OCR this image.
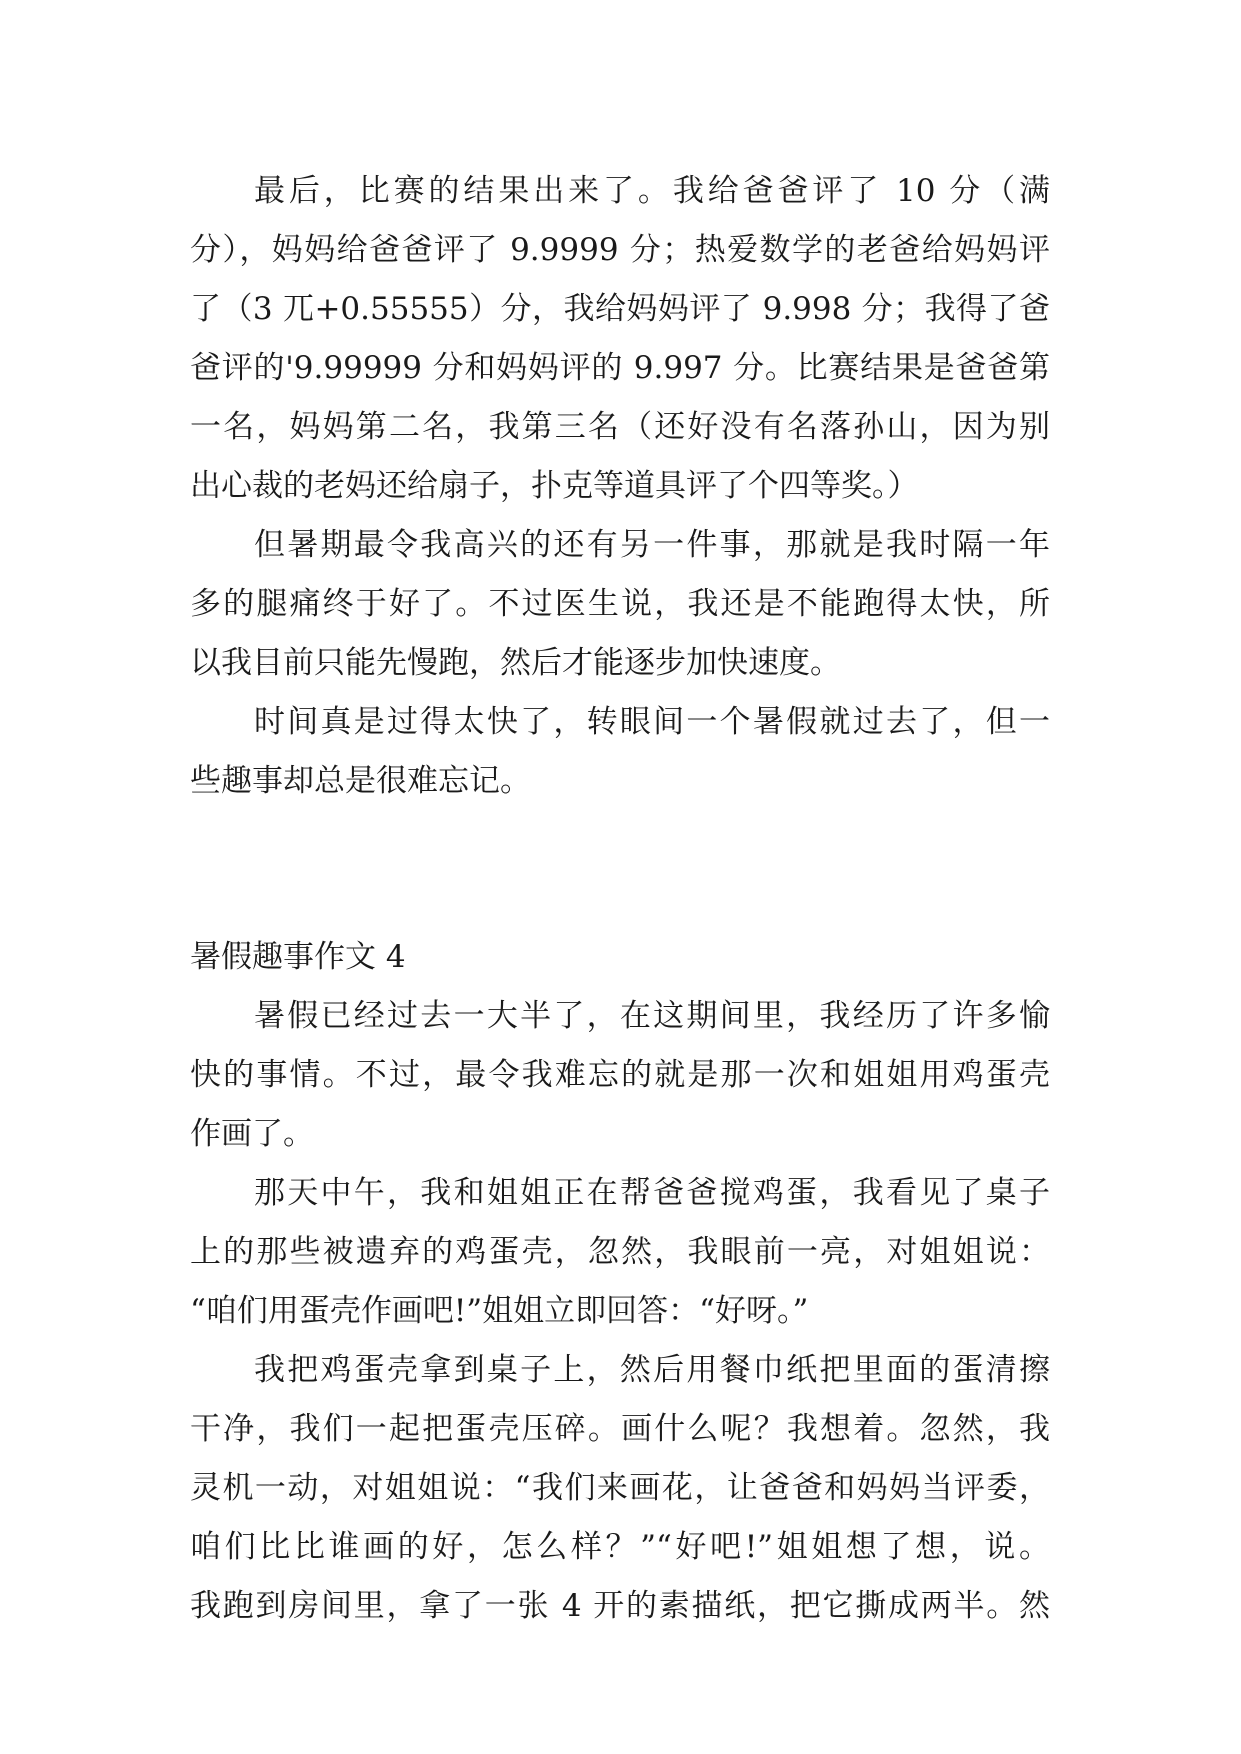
最后，比赛的结果出来了。我给爸爸评了 10 分（满
分），妈妈给爸爸评了 9.9999 分；热爱数学的老爸给妈妈评
了（3 兀+0.55555）分，我给妈妈评了 9.998 分；我得了爸
爸评的'9.99999 分和妈妈评的 9.997 分。比赛结果是爸爸第
一名，妈妈第二名，我第三名（还好没有名落孙山，因为别
出心裁的老妈还给扇子，扑克等道具评了个四等奖。）
但暑期最令我高兴的还有另一件事，那就是我时隔一年
多的腿痛终于好了。不过医生说，我还是不能跑得太快，所
以我目前只能先慢跑，然后才能逐步加快速度。
时间真是过得太快了，转眼间一个暑假就过去了，但一
些趣事却总是很难忘记。
暑假趣事作文 4
暑假已经过去一大半了，在这期间里，我经历了许多愉
快的事情。不过，最令我难忘的就是那一次和姐姐用鸡蛋壳
作画了。
那天中午，我和姐姐正在帮爸爸搅鸡蛋，我看见了桌子
上的那些被遗弃的鸡蛋壳，忽然，我眼前一亮，对姐姐说：
“咱们用蛋壳作画吧!”姐姐立即回答：“好呀。”
我把鸡蛋壳拿到桌子上，然后用餐巾纸把里面的蛋清擦
干净，我们一起把蛋壳压碎。画什么呢？我想着。忽然，我
灵机一动，对姐姐说：“我们来画花，让爸爸和妈妈当评委，
咱们比比谁画的好，怎么样？”“好吧!”姐姐想了想，说。
我跑到房间里，拿了一张 4 开的素描纸，把它撕成两半。然
